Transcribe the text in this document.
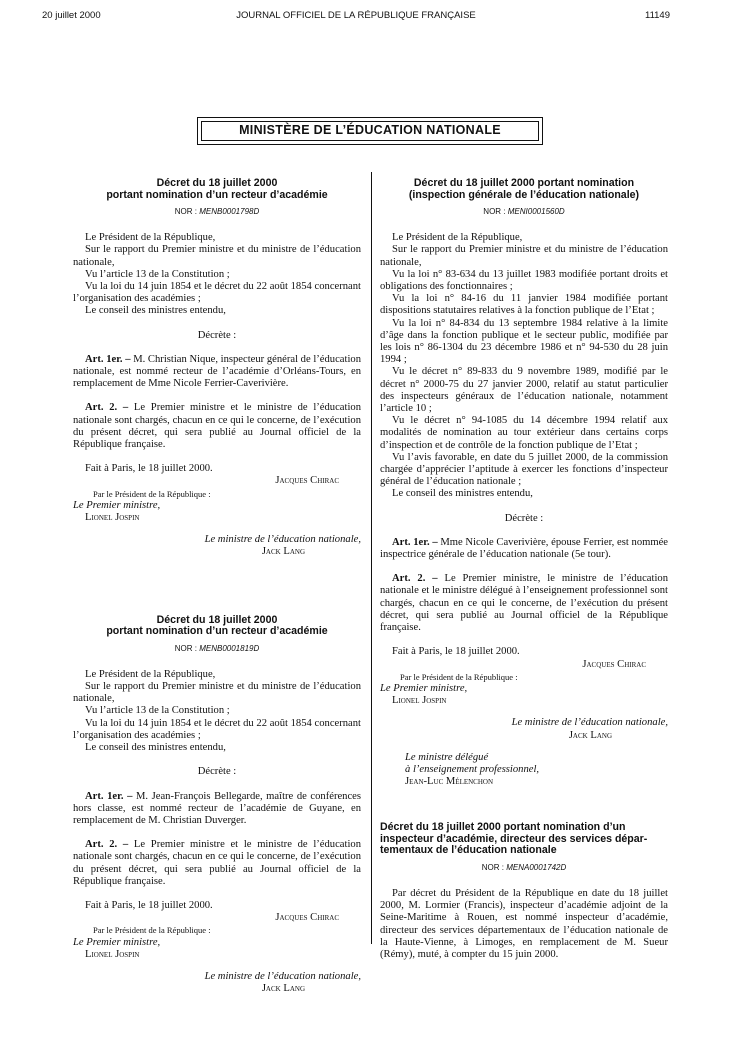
20 juillet 2000	JOURNAL OFFICIEL DE LA RÉPUBLIQUE FRANÇAISE	11149
MINISTÈRE DE L’ÉDUCATION NATIONALE
Décret du 18 juillet 2000
portant nomination d’un recteur d’académie
NOR : MENB0001798D

Le Président de la République,

Sur le rapport du Premier ministre et du ministre de l’éducation nationale,

Vu l’article 13 de la Constitution ;

Vu la loi du 14 juin 1854 et le décret du 22 août 1854 concernant l’organisation des académies ;

Le conseil des ministres entendu,

Décrète :

Art. 1er. – M. Christian Nique, inspecteur général de l’éducation nationale, est nommé recteur de l’académie d’Orléans-Tours, en remplacement de Mme Nicole Ferrier-Caverivière.

Art. 2. – Le Premier ministre et le ministre de l’éducation nationale sont chargés, chacun en ce qui le concerne, de l’exécution du présent décret, qui sera publié au Journal officiel de la République française.

Fait à Paris, le 18 juillet 2000.

Jacques Chirac

Par le Président de la République :

Le Premier ministre,

Lionel Jospin

Le ministre de l’éducation nationale,

Jack Lang

Décret du 18 juillet 2000
portant nomination d’un recteur d’académie
NOR : MENB0001819D

Le Président de la République,

Sur le rapport du Premier ministre et du ministre de l’éducation nationale,

Vu l’article 13 de la Constitution ;

Vu la loi du 14 juin 1854 et le décret du 22 août 1854 concernant l’organisation des académies ;

Le conseil des ministres entendu,

Décrète :

Art. 1er. – M. Jean-François Bellegarde, maître de conférences hors classe, est nommé recteur de l’académie de Guyane, en remplacement de M. Christian Duverger.

Art. 2. – Le Premier ministre et le ministre de l’éducation nationale sont chargés, chacun en ce qui le concerne, de l’exécution du présent décret, qui sera publié au Journal officiel de la République française.

Fait à Paris, le 18 juillet 2000.

Jacques Chirac

Par le Président de la République :

Le Premier ministre,

Lionel Jospin

Le ministre de l’éducation nationale,

Jack Lang

Décret du 18 juillet 2000 portant nomination
(inspection générale de l’éducation nationale)
NOR : MENI0001560D

Le Président de la République,

Sur le rapport du Premier ministre et du ministre de l’éducation nationale,

Vu la loi n° 83-634 du 13 juillet 1983 modifiée portant droits et obligations des fonctionnaires ;

Vu la loi n° 84-16 du 11 janvier 1984 modifiée portant dispositions statutaires relatives à la fonction publique de l’Etat ;

Vu la loi n° 84-834 du 13 septembre 1984 relative à la limite d’âge dans la fonction publique et le secteur public, modifiée par les lois n° 86-1304 du 23 décembre 1986 et n° 94-530 du 28 juin 1994 ;

Vu le décret n° 89-833 du 9 novembre 1989, modifié par le décret n° 2000-75 du 27 janvier 2000, relatif au statut particulier des inspecteurs généraux de l’éducation nationale, notamment l’article 10 ;

Vu le décret n° 94-1085 du 14 décembre 1994 relatif aux modalités de nomination au tour extérieur dans certains corps d’inspection et de contrôle de la fonction publique de l’Etat ;

Vu l’avis favorable, en date du 5 juillet 2000, de la commission chargée d’apprécier l’aptitude à exercer les fonctions d’inspecteur général de l’éducation nationale ;

Le conseil des ministres entendu,

Décrète :

Art. 1er. – Mme Nicole Caverivière, épouse Ferrier, est nommée inspectrice générale de l’éducation nationale (5e tour).

Art. 2. – Le Premier ministre, le ministre de l’éducation nationale et le ministre délégué à l’enseignement professionnel sont chargés, chacun en ce qui le concerne, de l’exécution du présent décret, qui sera publié au Journal officiel de la République française.

Fait à Paris, le 18 juillet 2000.

Jacques Chirac

Par le Président de la République :

Le Premier ministre,

Lionel Jospin

Le ministre de l’éducation nationale,

Jack Lang

Le ministre délégué

à l’enseignement professionnel,

Jean-Luc Mélenchon

Décret du 18 juillet 2000 portant nomination d’un
inspecteur d’académie, directeur des services dépar-
tementaux de l’éducation nationale
NOR : MENA0001742D

Par décret du Président de la République en date du 18 juillet 2000, M. Lormier (Francis), inspecteur d’académie adjoint de la Seine-Maritime à Rouen, est nommé inspecteur d’académie, directeur des services départementaux de l’éducation nationale de la Haute-Vienne, à Limoges, en remplacement de M. Sueur (Rémy), muté, à compter du 15 juin 2000.
